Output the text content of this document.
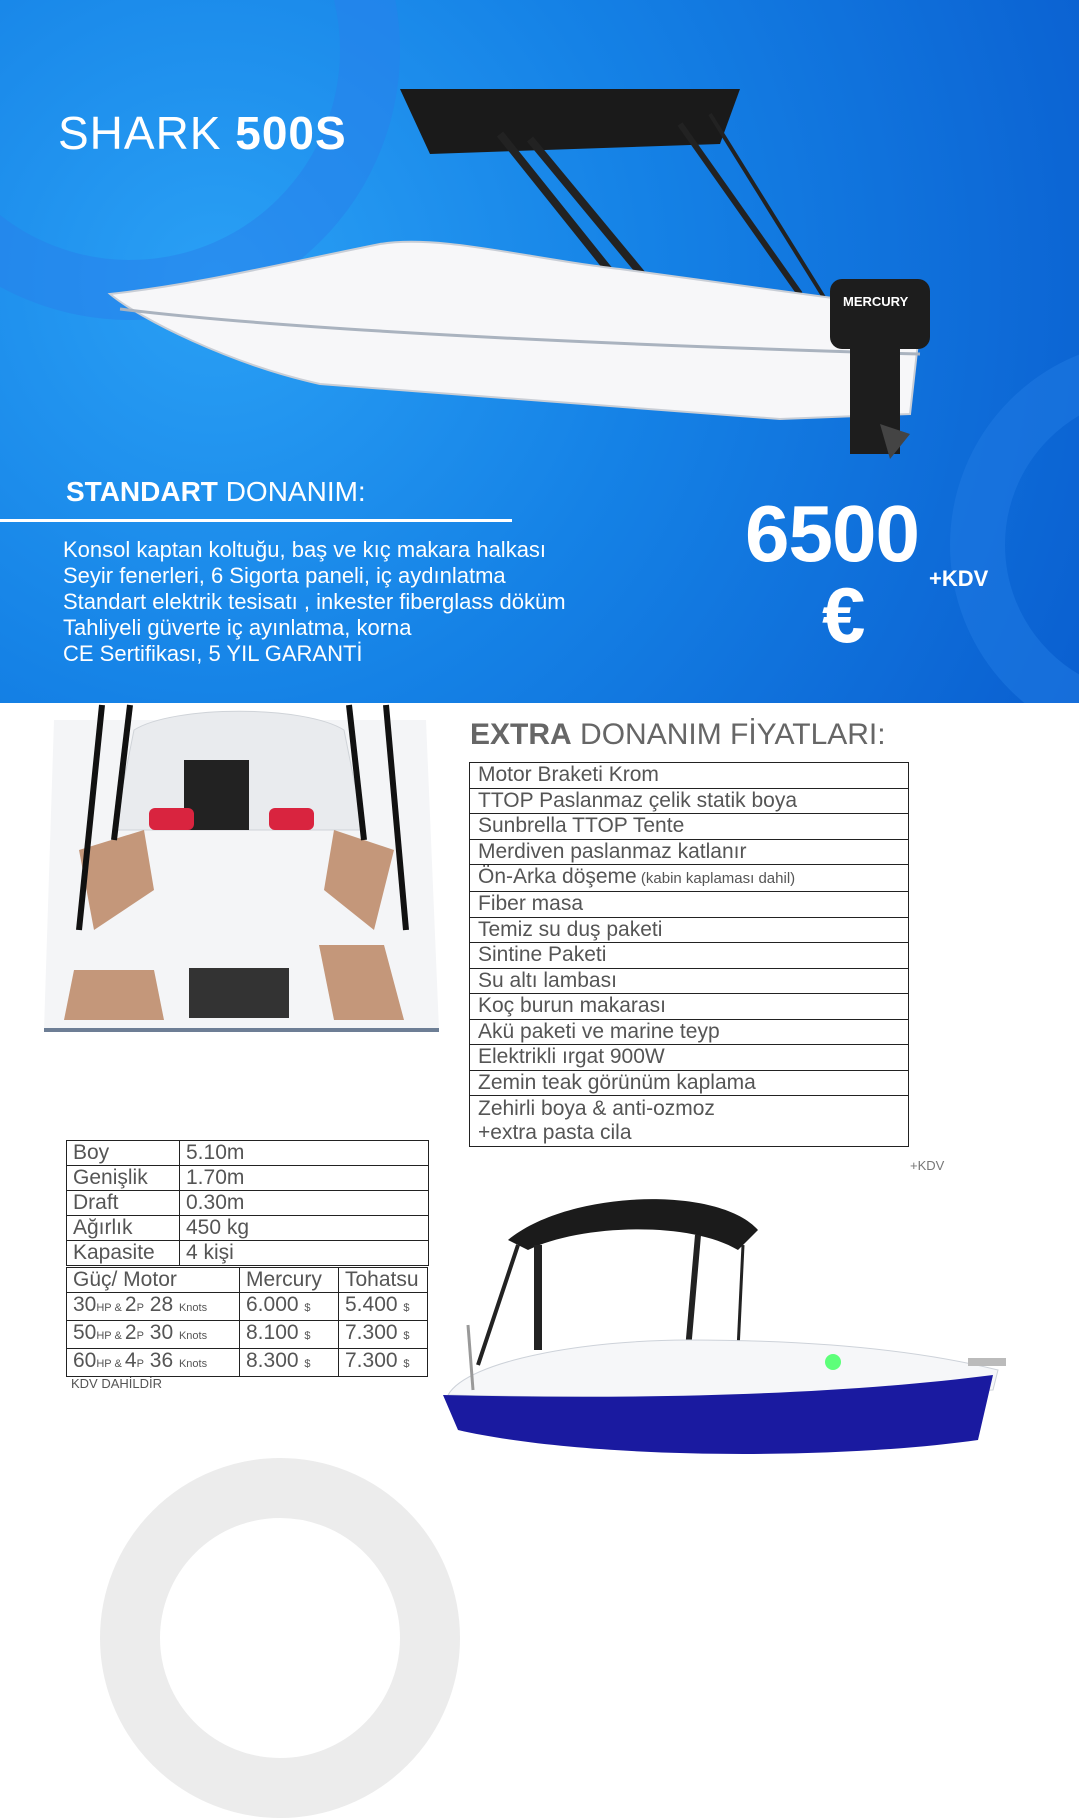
MERCURY
SHARK 500S
STANDART DONANIM:
Konsol kaptan koltuğu, baş ve kıç makara halkası
Seyir fenerleri, 6 Sigorta paneli, iç aydınlatma
Standart elektrik tesisatı , inkester fiberglass döküm
Tahliyeli güverte iç ayınlatma, korna
CE Sertifikası, 5 YIL GARANTİ
6500
+KDV
€
EXTRA DONANIM FİYATLARI:
Motor Braketi Krom	

TTOP Paslanmaz çelik statik boya	

Sunbrella TTOP Tente	

Merdiven paslanmaz katlanır	

Ön-Arka döşeme (kabin kaplaması dahil)	

Fiber masa	

Temiz su duş paketi	

Sintine Paketi	

Su altı lambası	

Koç burun makarası	

Akü paketi ve marine teyp	

Elektrikli ırgat 900W	

Zemin teak görünüm kaplama	

Zehirli boya & anti-ozmoz
+extra pasta cila

+KDV
Boy	5.10m
Genişlik	1.70m
Draft	0.30m
Ağırlık	450 kg
Kapasite	4 kişi
Güç/ Motor	Mercury	Tohatsu
30HP & 2P 28 Knots	6.000 $	5.400 $
50HP & 2P 30 Knots	8.100 $	7.300 $
60HP & 4P 36 Knots	8.300 $	7.300 $
KDV DAHİLDİR
